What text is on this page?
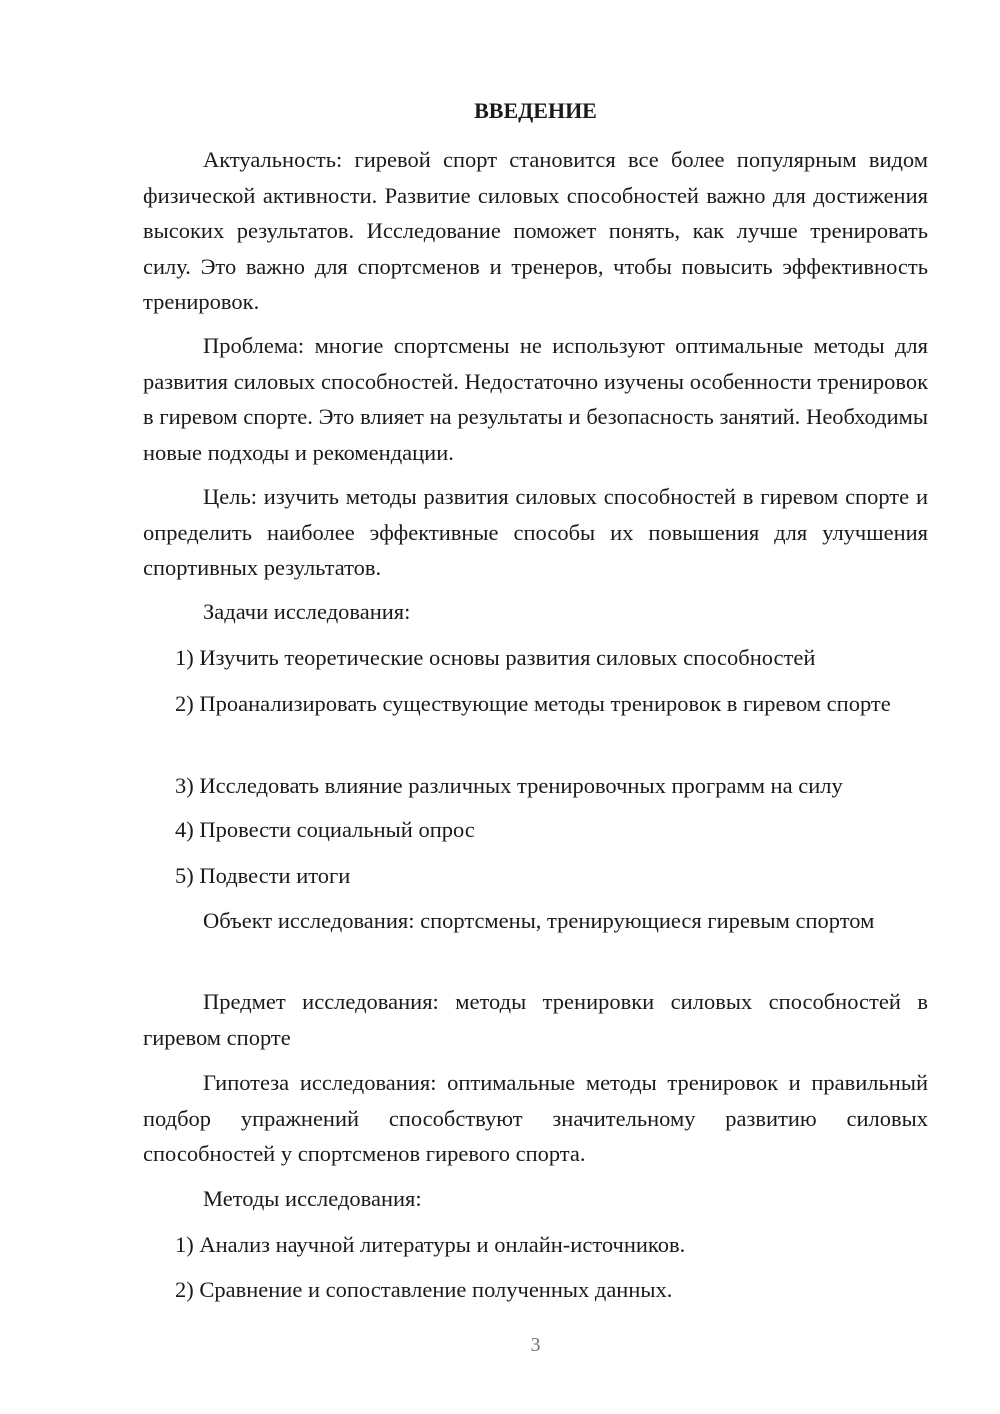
ВВЕДЕНИЕ

Актуальность: гиревой спорт становится все более популярным видом физической активности. Развитие силовых способностей важно для достижения высоких результатов. Исследование поможет понять, как лучше тренировать силу. Это важно для спортсменов и тренеров, чтобы повысить эффективность тренировок.

Проблема: многие спортсмены не используют оптимальные методы для развития силовых способностей. Недостаточно изучены особенности тренировок в гиревом спорте. Это влияет на результаты и безопасность занятий. Необходимы новые подходы и рекомендации.

Цель: изучить методы развития силовых способностей в гиревом спорте и определить наиболее эффективные способы их повышения для улучшения спортивных результатов.

Задачи исследования:

1) Изучить теоретические основы развития силовых способностей

2) Проанализировать существующие методы тренировок в гиревом спорте

3) Исследовать влияние различных тренировочных программ на силу

4) Провести социальный опрос

5) Подвести итоги

Объект исследования: спортсмены, тренирующиеся гиревым спортом

Предмет исследования: методы тренировки силовых способностей в гиревом спорте

Гипотеза исследования: оптимальные методы тренировок и правильный подбор упражнений способствуют значительному развитию силовых способностей у спортсменов гиревого спорта.

Методы исследования:

1) Анализ научной литературы и онлайн-источников.

2) Сравнение и сопоставление полученных данных.

3
